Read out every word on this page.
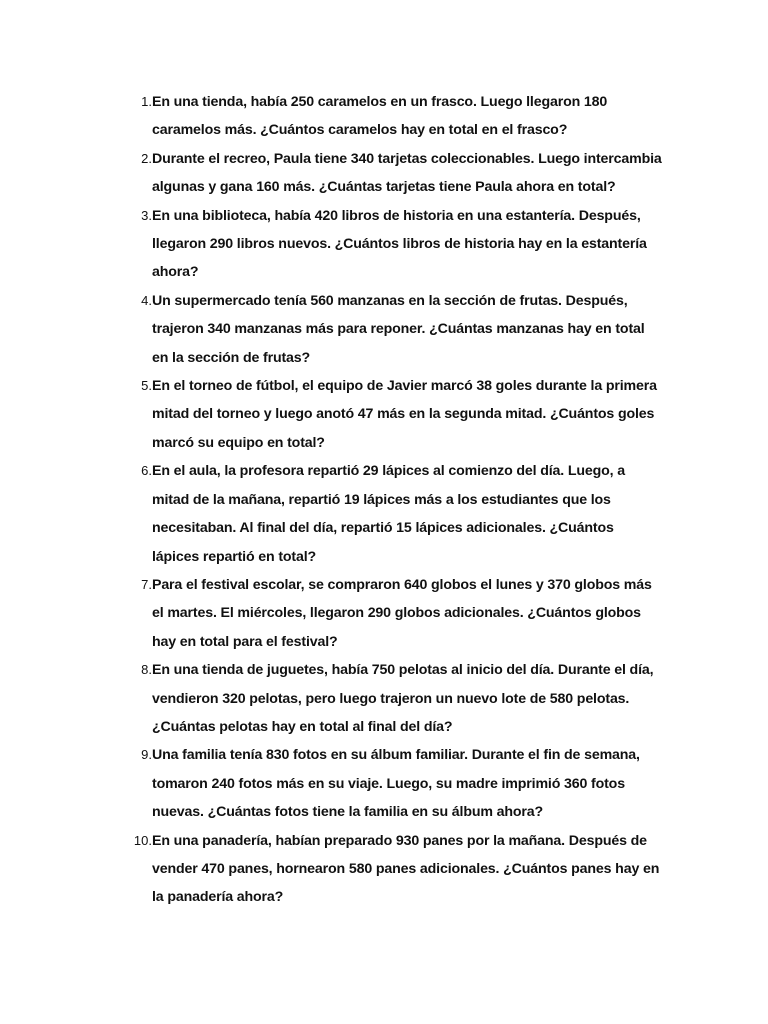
1. En una tienda, había 250 caramelos en un frasco. Luego llegaron 180 caramelos más. ¿Cuántos caramelos hay en total en el frasco?
2. Durante el recreo, Paula tiene 340 tarjetas coleccionables. Luego intercambia algunas y gana 160 más. ¿Cuántas tarjetas tiene Paula ahora en total?
3. En una biblioteca, había 420 libros de historia en una estantería. Después, llegaron 290 libros nuevos. ¿Cuántos libros de historia hay en la estantería ahora?
4. Un supermercado tenía 560 manzanas en la sección de frutas. Después, trajeron 340 manzanas más para reponer. ¿Cuántas manzanas hay en total en la sección de frutas?
5. En el torneo de fútbol, el equipo de Javier marcó 38 goles durante la primera mitad del torneo y luego anotó 47 más en la segunda mitad. ¿Cuántos goles marcó su equipo en total?
6. En el aula, la profesora repartió 29 lápices al comienzo del día. Luego, a mitad de la mañana, repartió 19 lápices más a los estudiantes que los necesitaban. Al final del día, repartió 15 lápices adicionales. ¿Cuántos lápices repartió en total?
7. Para el festival escolar, se compraron 640 globos el lunes y 370 globos más el martes. El miércoles, llegaron 290 globos adicionales. ¿Cuántos globos hay en total para el festival?
8. En una tienda de juguetes, había 750 pelotas al inicio del día. Durante el día, vendieron 320 pelotas, pero luego trajeron un nuevo lote de 580 pelotas. ¿Cuántas pelotas hay en total al final del día?
9. Una familia tenía 830 fotos en su álbum familiar. Durante el fin de semana, tomaron 240 fotos más en su viaje. Luego, su madre imprimió 360 fotos nuevas. ¿Cuántas fotos tiene la familia en su álbum ahora?
10. En una panadería, habían preparado 930 panes por la mañana. Después de vender 470 panes, hornearon 580 panes adicionales. ¿Cuántos panes hay en la panadería ahora?
